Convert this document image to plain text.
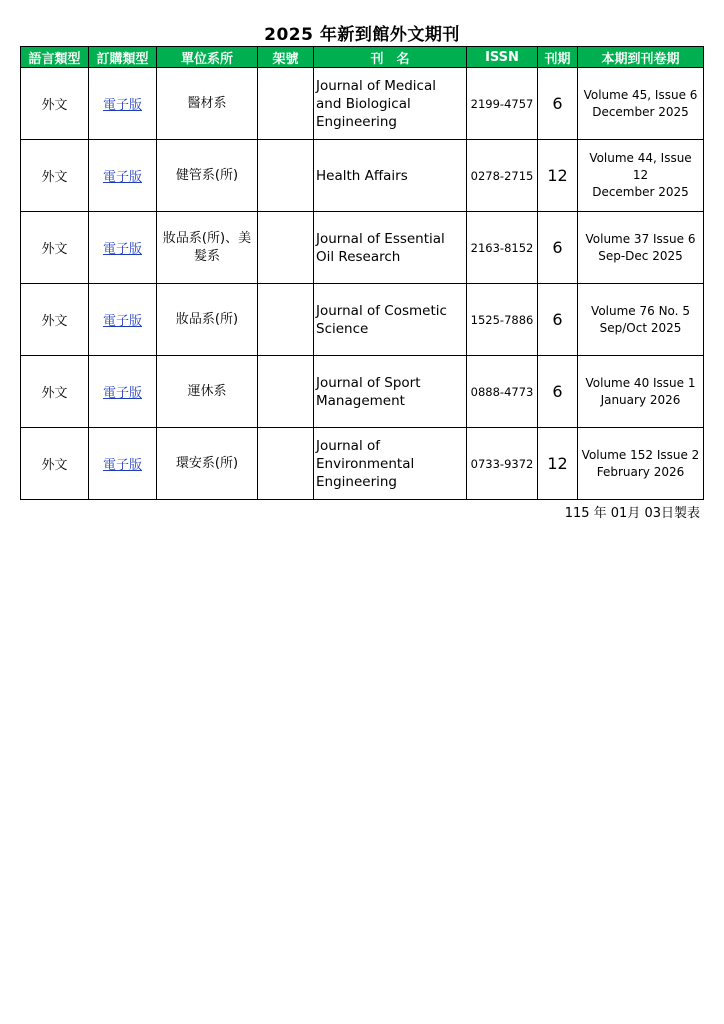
2025 年新到館外文期刊
語言類型	訂購類型	單位系所	架號	刊　名	ISSN	刊期	本期到刊卷期
外文	電子版	醫材系		Journal of Medical and Biological Engineering	2199-4757	6	Volume 45, Issue 6
December 2025

外文	電子版	健管系(所)		Health Affairs	0278-2715	12	Volume 44, Issue 12
December 2025

外文	電子版	妝品系(所)、美髮系		Journal of Essential Oil Research	2163-8152	6	Volume 37 Issue 6
Sep-Dec 2025

外文	電子版	妝品系(所)		Journal of Cosmetic Science	1525-7886	6	Volume 76 No. 5
Sep/Oct 2025

外文	電子版	運休系		Journal of Sport Management	0888-4773	6	Volume 40 Issue 1
January 2026

外文	電子版	環安系(所)		Journal of Environmental Engineering	0733-9372	12	Volume 152 Issue 2
February 2026
115 年 01月 03日製表
